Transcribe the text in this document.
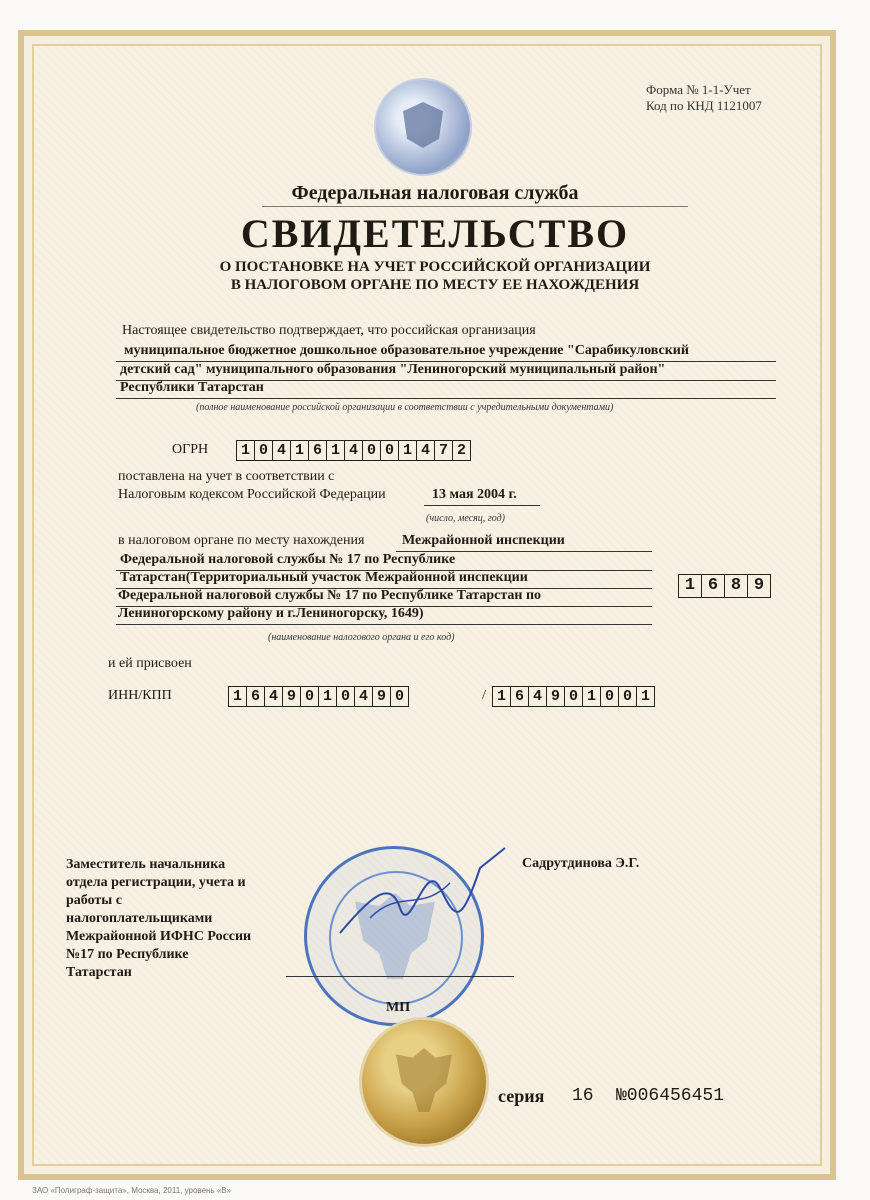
Форма № 1-1-Учет
Код по КНД 1121007
Федеральная налоговая служба
СВИДЕТЕЛЬСТВО
О ПОСТАНОВКЕ НА УЧЕТ РОССИЙСКОЙ ОРГАНИЗАЦИИ
В НАЛОГОВОМ ОРГАНЕ ПО МЕСТУ ЕЕ НАХОЖДЕНИЯ
Настоящее свидетельство подтверждает, что российская организация
муниципальное бюджетное дошкольное образовательное учреждение "Сарабикуловский
детский сад" муниципального образования "Лениногорский муниципальный район"
Республики Татарстан
(полное наименование российской организации в соответствии с учредительными документами)
ОГРН	1 0 4 1 6 1 4 0 0 1 4 7 2
поставлена на учет в соответствии с
Налоговым кодексом Российской Федерации	13 мая 2004 г.
(число, месяц, год)
в налоговом органе по месту нахождения	Межрайонной инспекции
Федеральной налоговой службы № 17 по Республике
Татарстан(Территориальный участок Межрайонной инспекции
Федеральной налоговой службы № 17 по Республике Татарстан по
Лениногорскому району и г.Лениногорску, 1649)
1 6 8 9
(наименование налогового органа и его код)
и ей присвоен
ИНН/КПП	1 6 4 9 0 1 0 4 9 0	/ 1 6 4 9 0 1 0 0 1
Заместитель начальника
отдела регистрации, учета и
работы с
налогоплательщиками
Межрайонной ИФНС России
№17 по Республике
Татарстан
Садрутдинова Э.Г.
МП
серия 16 №006456451
ЗАО «Полиграф-защита», Москва, 2011, уровень «В»
